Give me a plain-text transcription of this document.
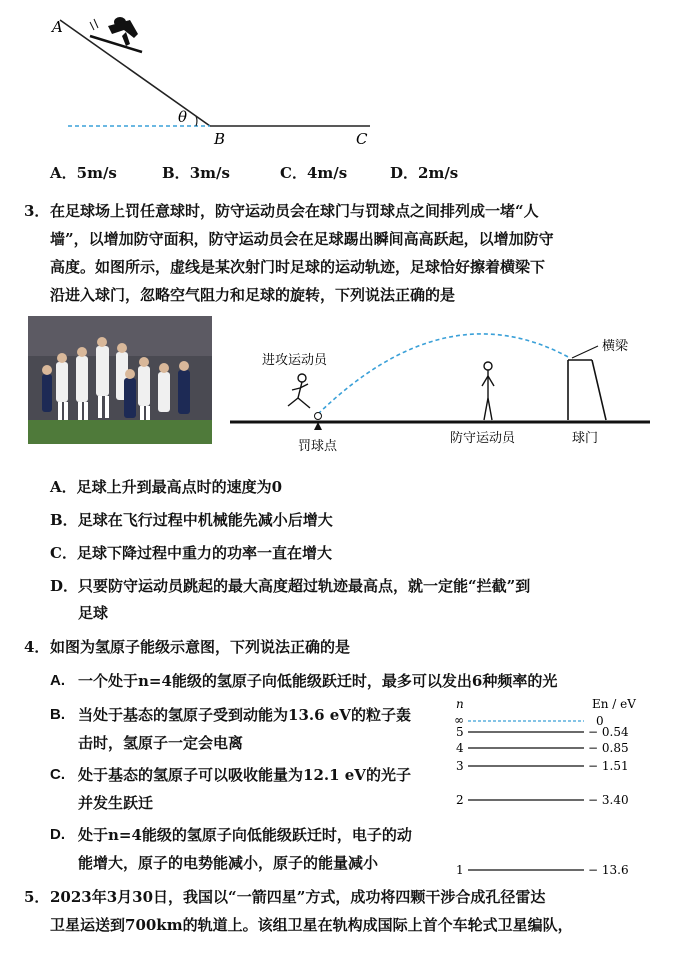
A
θ
B	C
A．5m/s	B．3m/s	C．4m/s	D．2m/s
3． 在足球场上罚任意球时，防守运动员会在球门与罚球点之间排列成一堵“人
墙”，以增加防守面积，防守运动员会在足球踢出瞬间高高跃起，以增加防守
高度。如图所示，虚线是某次射门时足球的运动轨迹，足球恰好擦着横梁下
沿进入球门，忽略空气阻力和足球的旋转，下列说法正确的是
进攻运动员
罚球点
防守运动员	球门
横梁
A．足球上升到最高点时的速度为0
B．足球在飞行过程中机械能先减小后增大
C．足球下降过程中重力的功率一直在增大
D．只要防守运动员跳起的最大高度超过轨迹最高点，就一定能“拦截”到
足球
4． 如图为氢原子能级示意图，下列说法正确的是
A. 一个处于n=4能级的氢原子向低能级跃迁时，最多可以发出6种频率的光
B. 当处于基态的氢原子受到动能为13.6 eV的粒子轰
击时，氢原子一定会电离
C. 处于基态的氢原子可以吸收能量为12.1 eV的光子
并发生跃迁
D. 处于n=4能级的氢原子向低能级跃迁时，电子的动
能增大，原子的电势能减小，原子的能量减小
n	En / eV
∞	0
5	− 0.54
4	− 0.85
3	− 1.51
2	− 3.40
1	− 13.6
5． 2023年3月30日，我国以“一箭四星”方式，成功将四颗干涉合成孔径雷达
卫星运送到700km的轨道上。该组卫星在轨构成国际上首个车轮式卫星编队，
